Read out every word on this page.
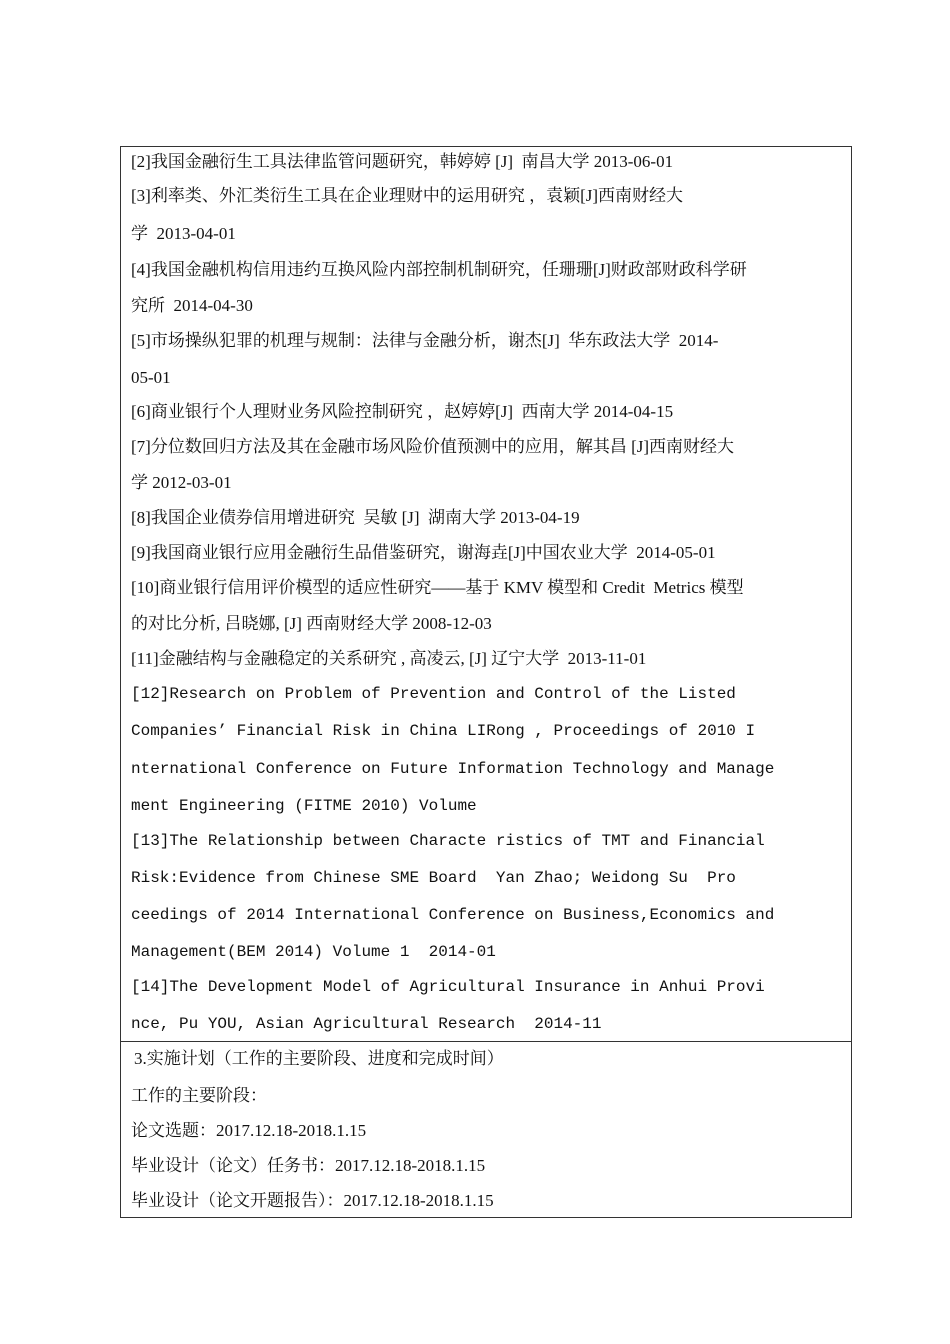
[2]我国金融衍生工具法律监管问题研究，韩婷婷 [J]  南昌大学 2013-06-01
[3]利率类、外汇类衍生工具在企业理财中的运用研究 ，袁颖[J]西南财经大
学  2013-04-01
[4]我国金融机构信用违约互换风险内部控制机制研究，任珊珊[J]财政部财政科学研
究所  2014-04-30
[5]市场操纵犯罪的机理与规制：法律与金融分析，谢杰[J]  华东政法大学  2014-
05-01
[6]商业银行个人理财业务风险控制研究 ，赵婷婷[J]  西南大学 2014-04-15
[7]分位数回归方法及其在金融市场风险价值预测中的应用，解其昌 [J]西南财经大
学 2012-03-01
[8]我国企业债券信用增进研究  吴敏 [J]  湖南大学 2013-04-19
[9]我国商业银行应用金融衍生品借鉴研究，谢海垚[J]中国农业大学  2014-05-01
[10]商业银行信用评价模型的适应性研究——基于 KMV 模型和 Credit  Metrics 模型
的对比分析, 吕晓娜, [J] 西南财经大学 2008-12-03
[11]金融结构与金融稳定的关系研究 , 高凌云, [J] 辽宁大学  2013-11-01
[12]Research on Problem of Prevention and Control of the Listed
Companies’ Financial Risk in China LIRong , Proceedings of 2010 I
nternational Conference on Future Information Technology and Manage
ment Engineering (FITME 2010) Volume
[13]The Relationship between Characte ristics of TMT and Financial
Risk:Evidence from Chinese SME Board  Yan Zhao; Weidong Su  Pro
ceedings of 2014 International Conference on Business,Economics and
Management(BEM 2014) Volume 1  2014-01
[14]The Development Model of Agricultural Insurance in Anhui Provi
nce, Pu YOU, Asian Agricultural Research  2014-11
3.实施计划（工作的主要阶段、进度和完成时间）
工作的主要阶段：
论文选题：2017.12.18-2018.1.15
毕业设计（论文）任务书：2017.12.18-2018.1.15
毕业设计（论文开题报告）：2017.12.18-2018.1.15
